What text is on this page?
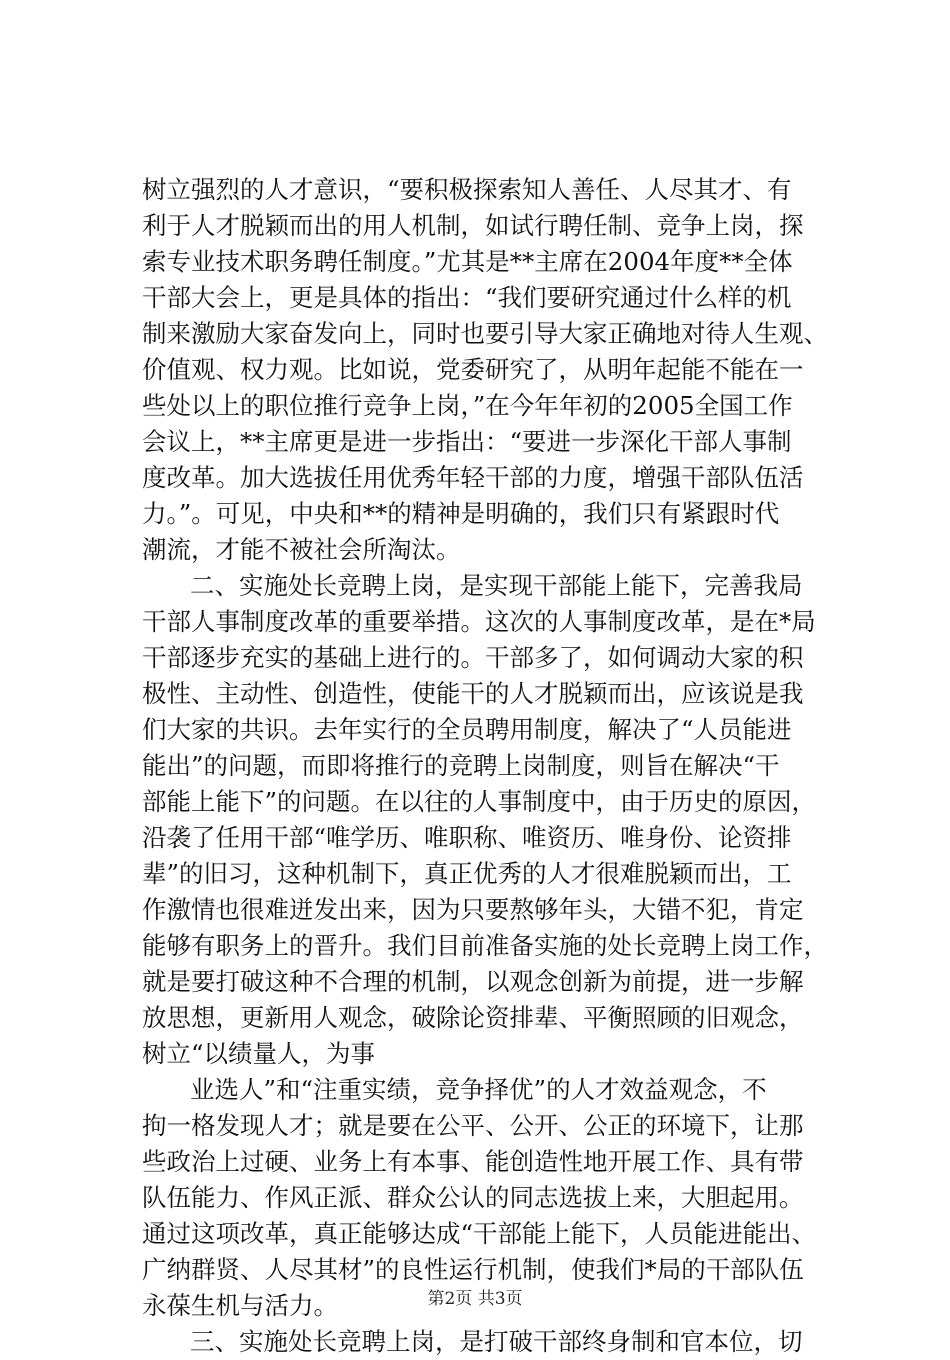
树立强烈的人才意识，“要积极探索知人善任、人尽其才、有
利于人才脱颖而出的用人机制，如试行聘任制、竞争上岗，探
索专业技术职务聘任制度。”尤其是**主席在2004年度**全体
干部大会上，更是具体的指出：“我们要研究通过什么样的机
制来激励大家奋发向上，同时也要引导大家正确地对待人生观、
价值观、权力观。比如说，党委研究了，从明年起能不能在一
些处以上的职位推行竞争上岗，”在今年年初的2005全国工作
会议上，**主席更是进一步指出：“要进一步深化干部人事制
度改革。加大选拔任用优秀年轻干部的力度，增强干部队伍活
力。”。可见，中央和**的精神是明确的，我们只有紧跟时代
潮流，才能不被社会所淘汰。
二、实施处长竞聘上岗，是实现干部能上能下，完善我局
干部人事制度改革的重要举措。这次的人事制度改革，是在*局
干部逐步充实的基础上进行的。干部多了，如何调动大家的积
极性、主动性、创造性，使能干的人才脱颖而出，应该说是我
们大家的共识。去年实行的全员聘用制度，解决了“人员能进
能出”的问题，而即将推行的竞聘上岗制度，则旨在解决“干
部能上能下”的问题。在以往的人事制度中，由于历史的原因，
沿袭了任用干部“唯学历、唯职称、唯资历、唯身份、论资排
辈”的旧习，这种机制下，真正优秀的人才很难脱颖而出，工
作激情也很难迸发出来，因为只要熬够年头，大错不犯，肯定
能够有职务上的晋升。我们目前准备实施的处长竞聘上岗工作，
就是要打破这种不合理的机制，以观念创新为前提，进一步解
放思想，更新用人观念，破除论资排辈、平衡照顾的旧观念，
树立“以绩量人，为事
业选人”和“注重实绩，竞争择优”的人才效益观念，不
拘一格发现人才；就是要在公平、公开、公正的环境下，让那
些政治上过硬、业务上有本事、能创造性地开展工作、具有带
队伍能力、作风正派、群众公认的同志选拔上来，大胆起用。
通过这项改革，真正能够达成“干部能上能下，人员能进能出、
广纳群贤、人尽其材”的良性运行机制，使我们*局的干部队伍
永葆生机与活力。
三、实施处长竞聘上岗，是打破干部终身制和官本位，切
第2页 共3页
